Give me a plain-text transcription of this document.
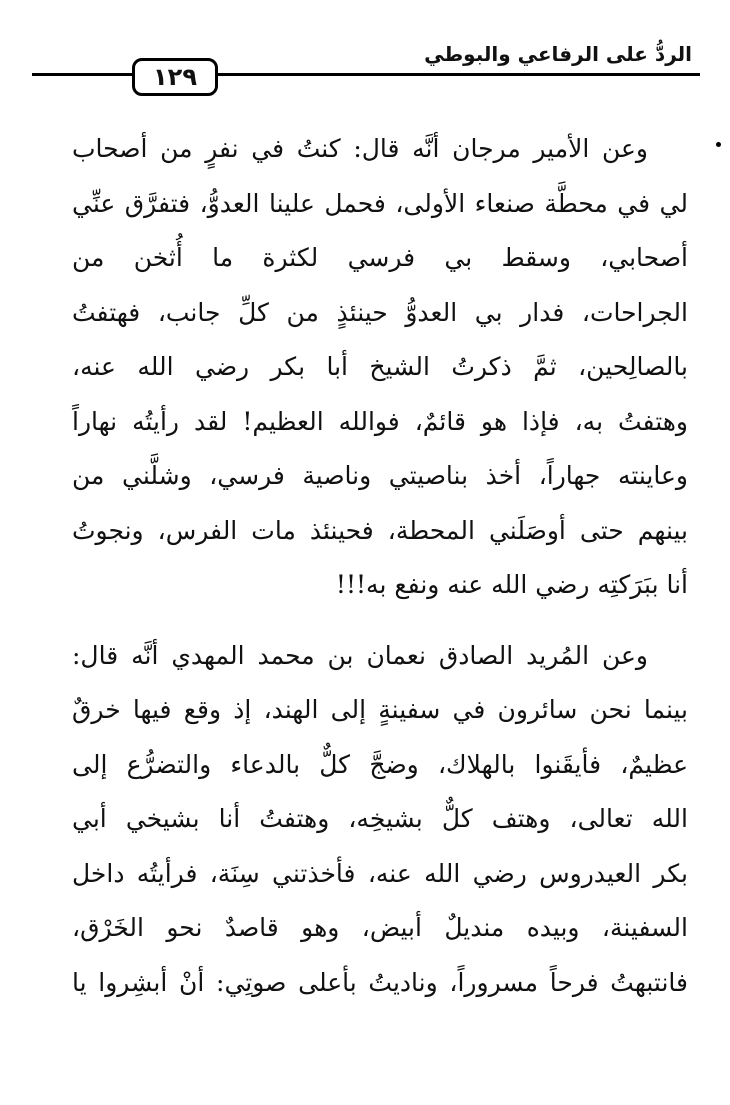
الردُّ على الرفاعي والبوطي
١٢٩
وعن الأمير مرجان أنَّه قال: كنتُ في نفرٍ من أصحاب
لي في محطَّة صنعاء الأولى، فحمل علينا العدوُّ، فتفرَّق عنِّي
أصحابي، وسقط بي فرسي لكثرة ما أُثخن من
الجراحات، فدار بي العدوُّ حينئذٍ من كلِّ جانب، فهتفتُ
بالصالِحين، ثمَّ ذكرتُ الشيخ أبا بكر رضي الله عنه،
وهتفتُ به، فإذا هو قائمٌ، فوالله العظيم! لقد رأيتُه نهاراً
وعاينته جهاراً، أخذ بناصيتي وناصية فرسي، وشلَّني من
بينهم حتى أوصَلَني المحطة، فحينئذ مات الفرس، ونجوتُ
أنا ببَرَكتِه رضي الله عنه ونفع به!!!
وعن المُريد الصادق نعمان بن محمد المهدي أنَّه قال:
بينما نحن سائرون في سفينةٍ إلى الهند، إذ وقع فيها خرقٌ
عظيمٌ، فأيقَنوا بالهلاك، وضجَّ كلٌّ بالدعاء والتضرُّع إلى
الله تعالى، وهتف كلٌّ بشيخِه، وهتفتُ أنا بشيخي أبي
بكر العيدروس رضي الله عنه، فأخذتني سِنَة، فرأيتُه داخل
السفينة، وبيده منديلٌ أبيض، وهو قاصدٌ نحو الخَرْق،
فانتبهتُ فرحاً مسروراً، وناديتُ بأعلى صوتِي: أنْ أبشِروا يا
